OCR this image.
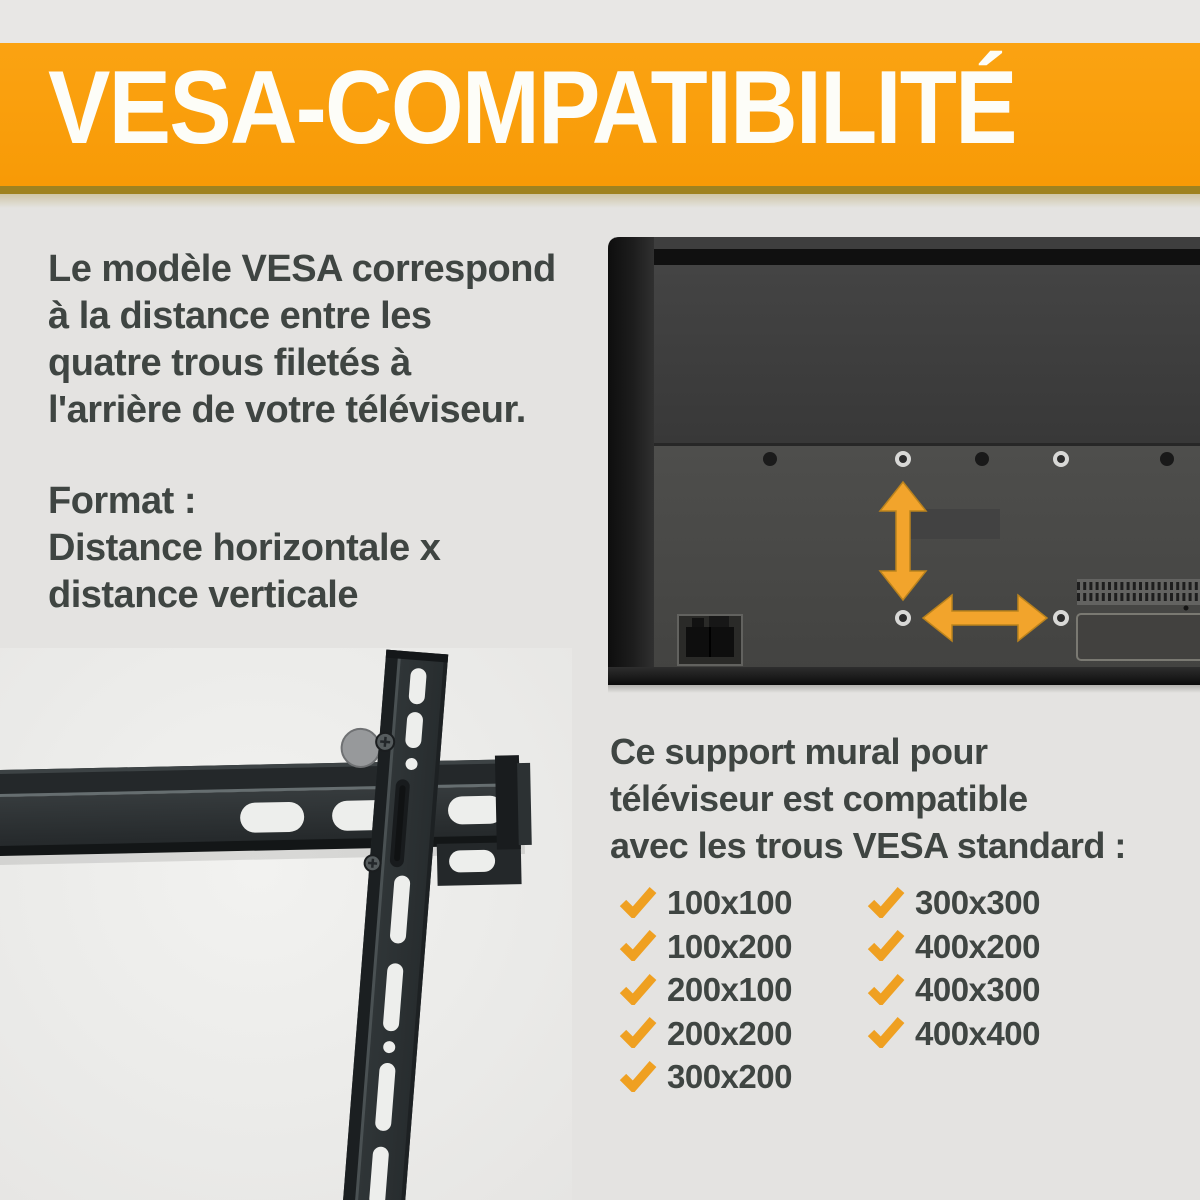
VESA-COMPATIBILITÉ
Le modèle VESA correspond
à la distance entre les
quatre trous filetés à
l'arrière de votre téléviseur.
Format :
Distance horizontale x
distance verticale
Ce support mural pour
téléviseur est compatible
avec les trous VESA standard :
100x100
100x200
200x100
200x200
300x200
300x300
400x200
400x300
400x400
